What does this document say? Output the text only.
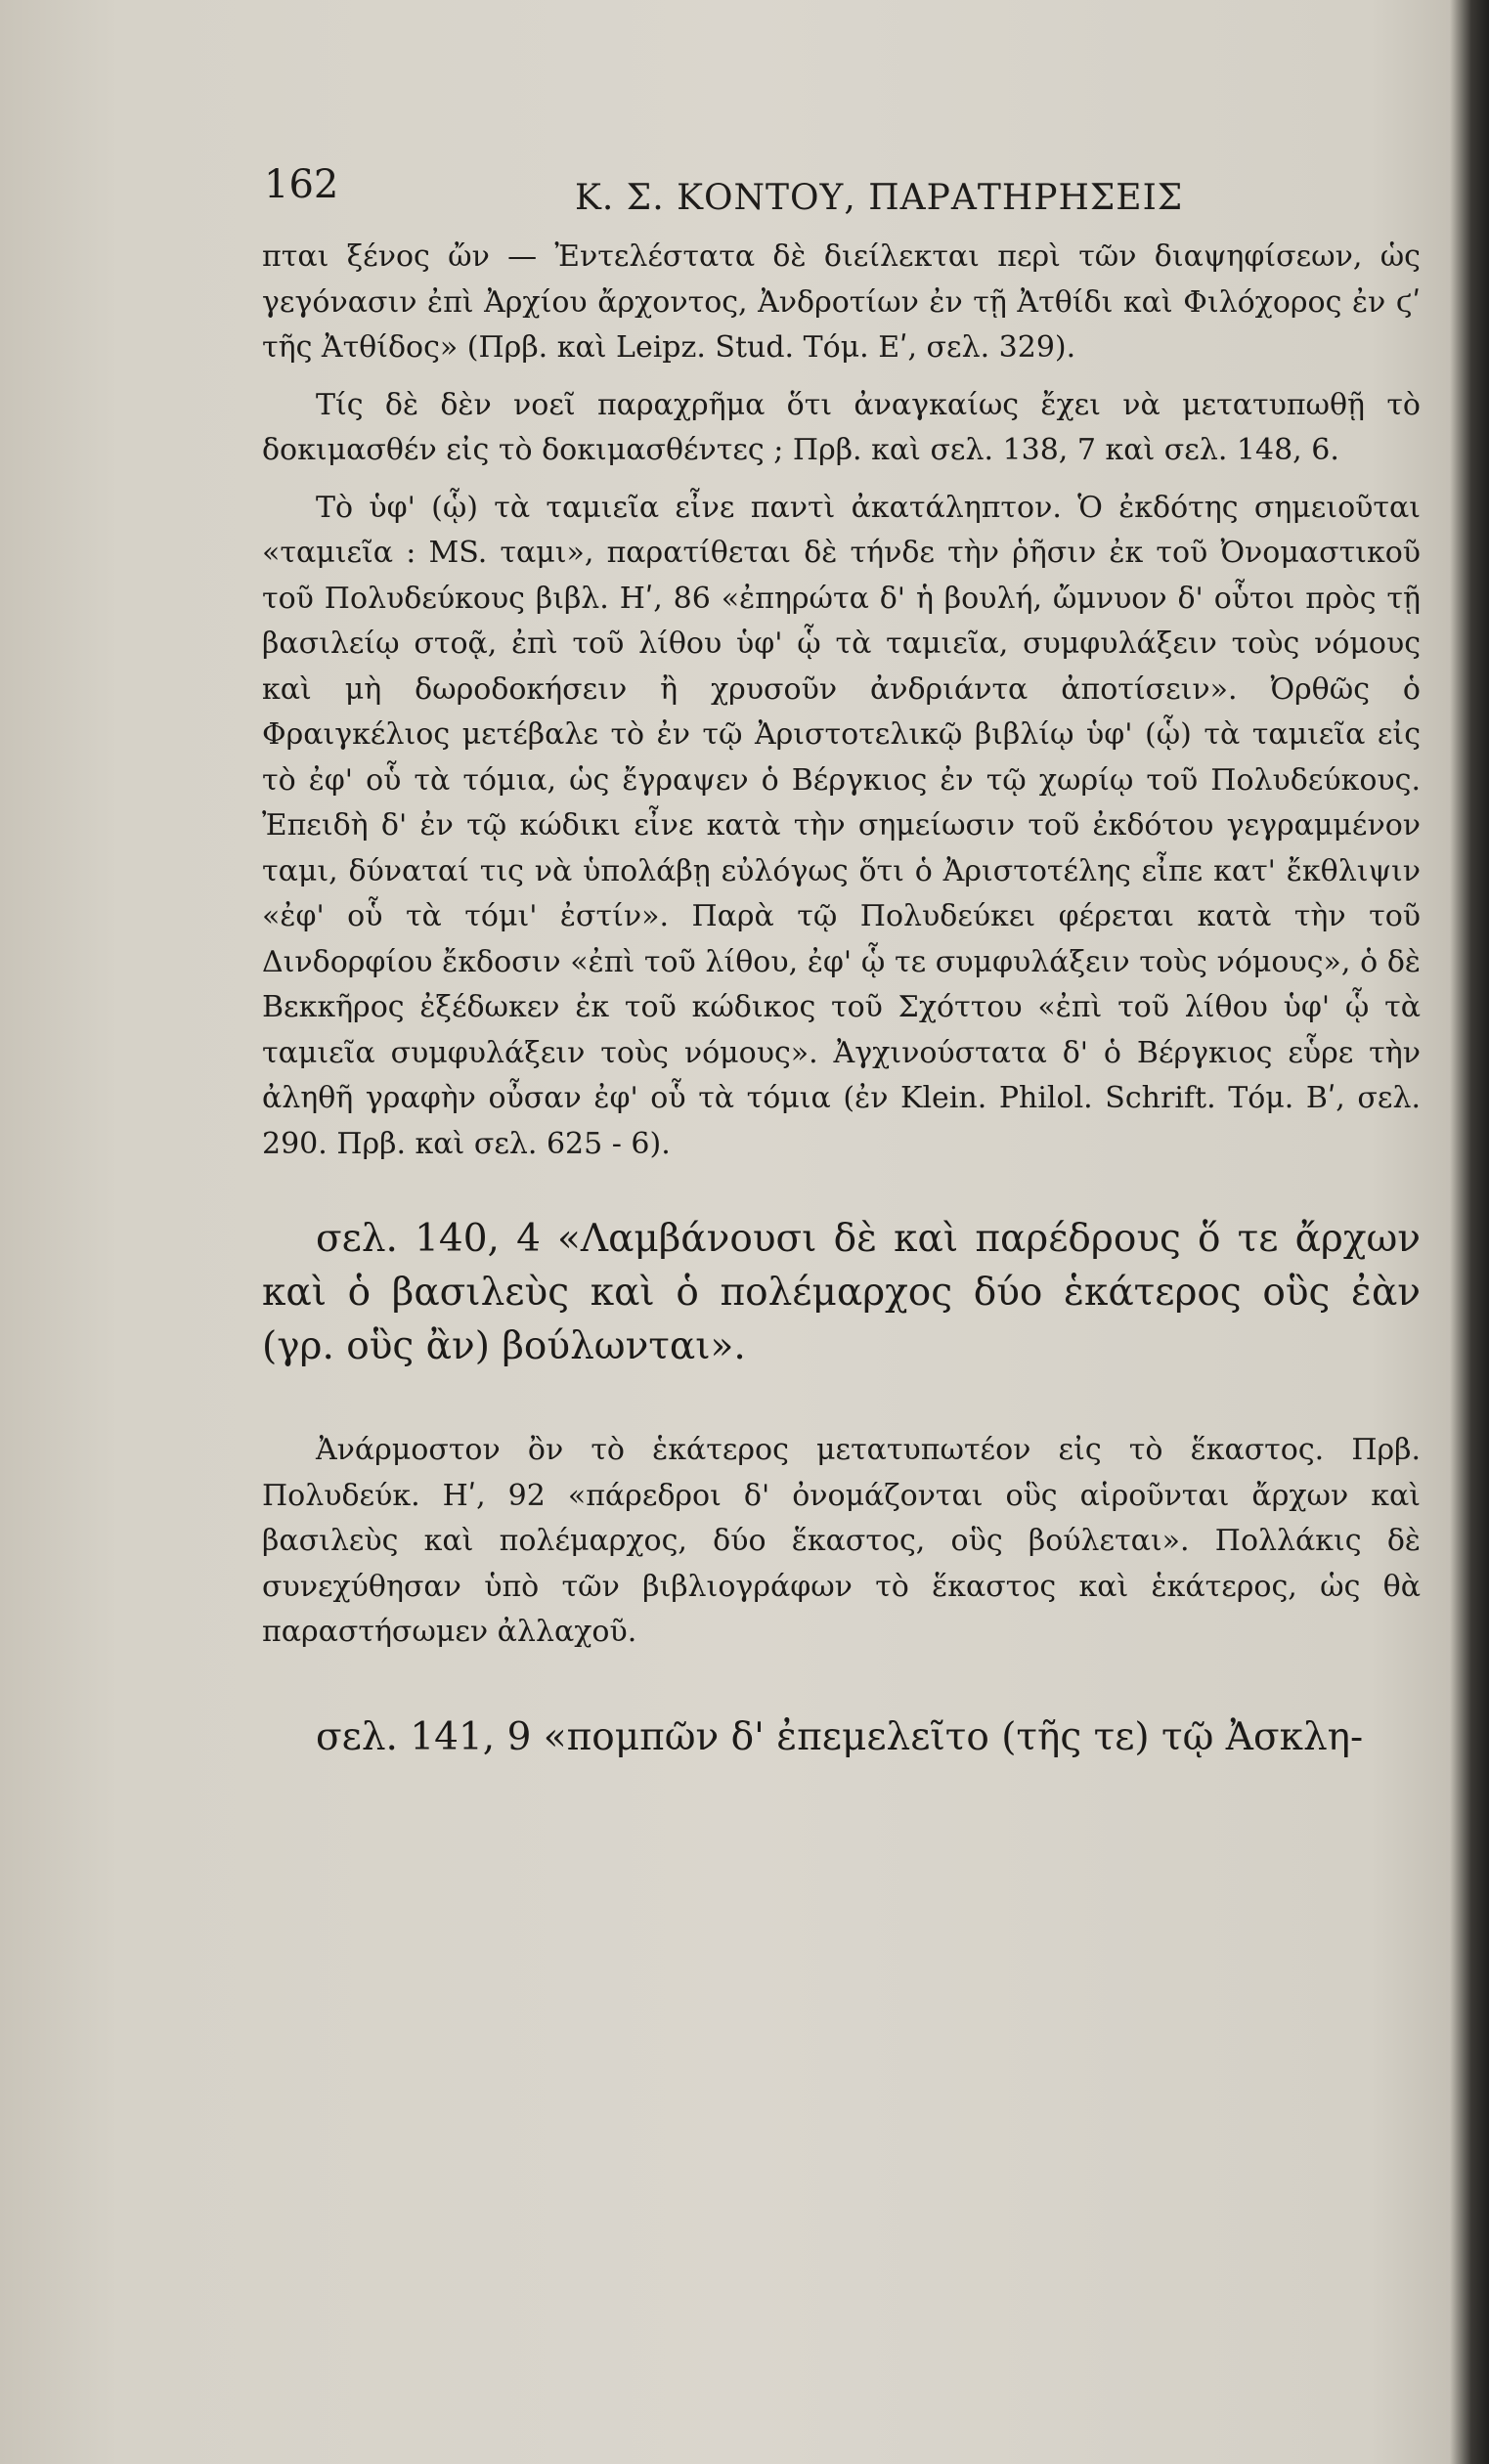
162	Κ. Σ. ΚΟΝΤΟΥ, ΠΑΡΑΤΗΡΗΣΕΙΣ

πται ξένος ὤν — Ἐντελέστατα δὲ διείλεκται περὶ τῶν διαψηφίσεων, ὡς γεγόνασιν ἐπὶ Ἀρχίου ἄρχοντος, Ἀνδροτίων ἐν τῇ Ἀτθίδι καὶ Φιλόχορος ἐν ϛʹ τῆς Ἀτθίδος» (Πρβ. καὶ Leipz. Stud. Τόμ. Εʹ, σελ. 329).

Τίς δὲ δὲν νοεῖ παραχρῆμα ὅτι ἀναγκαίως ἔχει νὰ μετατυπωθῇ τὸ δοκιμασθέν εἰς τὸ δοκιμασθέντες ; Πρβ. καὶ σελ. 138, 7 καὶ σελ. 148, 6.

Τὸ ὑφ' (ᾧ) τὰ ταμιεῖα εἶνε παντὶ ἀκατάληπτον. Ὁ ἐκδότης σημειοῦται «ταμιεῖα : MS. ταμι», παρατίθεται δὲ τήνδε τὴν ῥῆσιν ἐκ τοῦ Ὀνομαστικοῦ τοῦ Πολυδεύκους βιβλ. Ηʹ, 86 «ἐπηρώτα δ' ἡ βουλή, ὤμνυον δ' οὗτοι πρὸς τῇ βασιλείῳ στοᾷ, ἐπὶ τοῦ λίθου ὑφ' ᾧ τὰ ταμιεῖα, συμφυλάξειν τοὺς νόμους καὶ μὴ δωροδοκήσειν ἢ χρυσοῦν ἀνδριάντα ἀποτίσειν». Ὀρθῶς ὁ Φραιγκέλιος μετέβαλε τὸ ἐν τῷ Ἀριστοτελικῷ βιβλίῳ ὑφ' (ᾧ) τὰ ταμιεῖα εἰς τὸ ἐφ' οὗ τὰ τόμια, ὡς ἔγραψεν ὁ Βέργκιος ἐν τῷ χωρίῳ τοῦ Πολυδεύκους. Ἐπειδὴ δ' ἐν τῷ κώδικι εἶνε κατὰ τὴν σημείωσιν τοῦ ἐκδότου γεγραμμένον ταμι, δύναταί τις νὰ ὑπολάβῃ εὐλόγως ὅτι ὁ Ἀριστοτέλης εἶπε κατ' ἔκθλιψιν «ἐφ' οὗ τὰ τόμι' ἐστίν». Παρὰ τῷ Πολυδεύκει φέρεται κατὰ τὴν τοῦ Δινδορφίου ἔκδοσιν «ἐπὶ τοῦ λίθου, ἐφ' ᾧ τε συμφυλάξειν τοὺς νόμους», ὁ δὲ Βεκκῆρος ἐξέδωκεν ἐκ τοῦ κώδικος τοῦ Σχόττου «ἐπὶ τοῦ λίθου ὑφ' ᾧ τὰ ταμιεῖα συμφυλάξειν τοὺς νόμους». Ἀγχινούστατα δ' ὁ Βέργκιος εὗρε τὴν ἀληθῆ γραφὴν οὖσαν ἐφ' οὗ τὰ τόμια (ἐν Klein. Philol. Schrift. Τόμ. Βʹ, σελ. 290. Πρβ. καὶ σελ. 625 - 6).

σελ. 140, 4 «Λαμβάνουσι δὲ καὶ παρέδρους ὅ τε ἄρχων καὶ ὁ βασιλεὺς καὶ ὁ πολέμαρχος δύο ἑκάτερος οὓς ἐὰν (γρ. οὓς ἂν) βούλωνται».

Ἀνάρμοστον ὂν τὸ ἑκάτερος μετατυπωτέον εἰς τὸ ἕκαστος. Πρβ. Πολυδεύκ. Ηʹ, 92 «πάρεδροι δ' ὀνομάζονται οὓς αἱροῦνται ἄρχων καὶ βασιλεὺς καὶ πολέμαρχος, δύο ἕκαστος, οὓς βούλεται». Πολλάκις δὲ συνεχύθησαν ὑπὸ τῶν βιβλιογράφων τὸ ἕκαστος καὶ ἑκάτερος, ὡς θὰ παραστήσωμεν ἀλλαχοῦ.

σελ. 141, 9 «πομπῶν δ' ἐπεμελεῖτο (τῆς τε) τῷ Ἀσκλη-
